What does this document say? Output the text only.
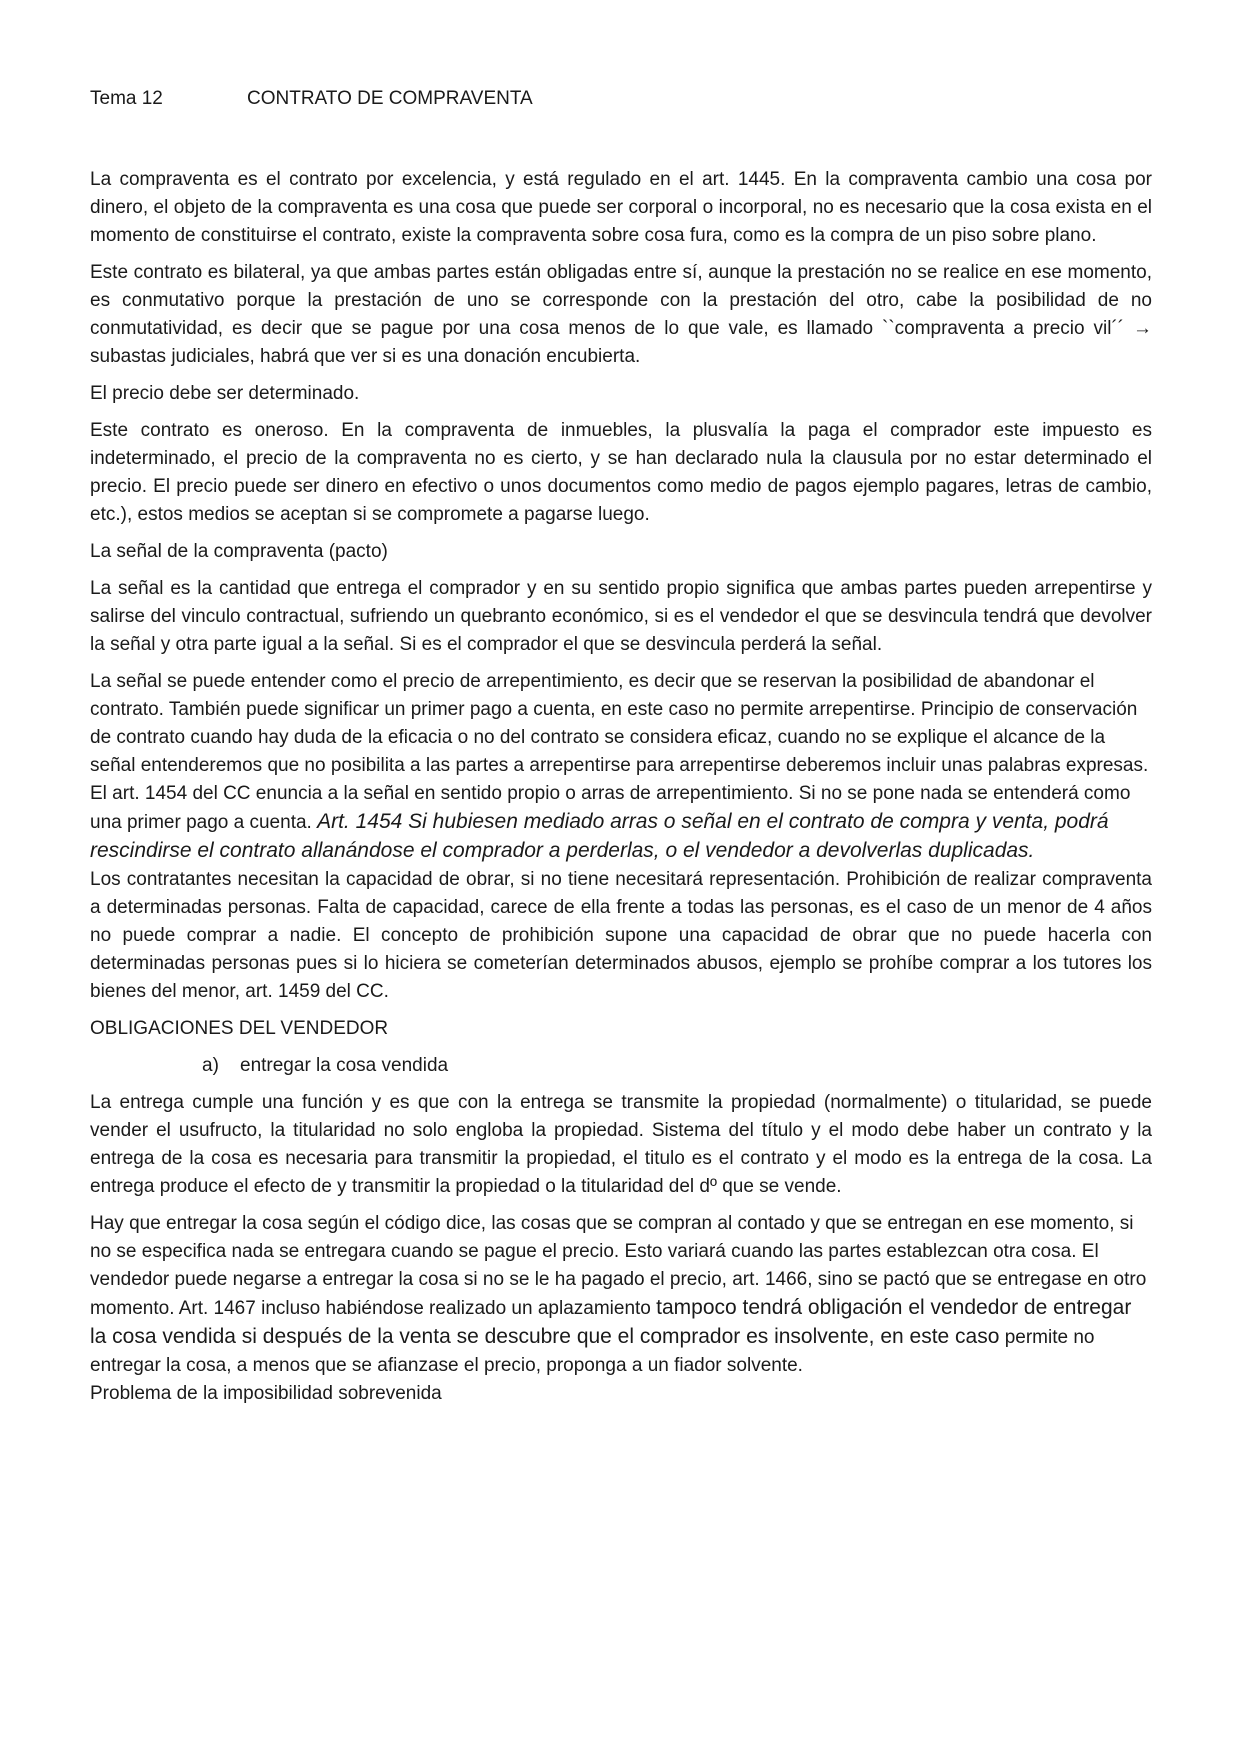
Tema 12	CONTRATO DE COMPRAVENTA

La compraventa es el contrato por excelencia, y está regulado en el art. 1445. En la compraventa cambio una cosa por dinero, el objeto de la compraventa es una cosa que puede ser corporal o incorporal, no es necesario que la cosa exista en el momento de constituirse el contrato, existe la compraventa sobre cosa fura, como es la compra de un piso sobre plano.

Este contrato es bilateral, ya que ambas partes están obligadas entre sí, aunque la prestación no se realice en ese momento, es conmutativo porque la prestación de uno se corresponde con la prestación del otro, cabe la posibilidad de no conmutatividad, es decir que se pague por una cosa menos de lo que vale, es llamado ``compraventa a precio vil´´ → subastas judiciales, habrá que ver si es una donación encubierta.

El precio debe ser determinado.

Este contrato es oneroso. En la compraventa de inmuebles, la plusvalía la paga el comprador este impuesto es indeterminado, el precio de la compraventa no es cierto, y se han declarado nula la clausula por no estar determinado el precio. El precio puede ser dinero en efectivo o unos documentos como medio de pagos ejemplo pagares, letras de cambio, etc.), estos medios se aceptan si se compromete a pagarse luego.

La señal de la compraventa (pacto)

La señal es la cantidad que entrega el comprador y en su sentido propio significa que ambas partes pueden arrepentirse y salirse del vinculo contractual, sufriendo un quebranto económico, si es el vendedor el que se desvincula tendrá que devolver la señal y otra parte igual a la señal. Si es el comprador el que se desvincula perderá la señal.

La señal se puede entender como el precio de arrepentimiento, es decir que se reservan la posibilidad de abandonar el contrato. También puede significar un primer pago a cuenta, en este caso no permite arrepentirse. Principio de conservación de contrato cuando hay duda de la eficacia o no del contrato se considera eficaz, cuando no se explique el alcance de la señal entenderemos que no posibilita a las partes a arrepentirse para arrepentirse deberemos incluir unas palabras expresas. El art. 1454 del CC enuncia a la señal en sentido propio o arras de arrepentimiento. Si no se pone nada se entenderá como una primer pago a cuenta. Art. 1454 Si hubiesen mediado arras o señal en el contrato de compra y venta, podrá rescindirse el contrato allanándose el comprador a perderlas, o el vendedor a devolverlas duplicadas.

Los contratantes necesitan la capacidad de obrar, si no tiene necesitará representación. Prohibición de realizar compraventa a determinadas personas. Falta de capacidad, carece de ella frente a todas las personas, es el caso de un menor de 4 años no puede comprar a nadie. El concepto de prohibición supone una capacidad de obrar que no puede hacerla con determinadas personas pues si lo hiciera se cometerían determinados abusos, ejemplo se prohíbe comprar a los tutores los bienes del menor, art. 1459 del CC.

OBLIGACIONES DEL VENDEDOR

a) entregar la cosa vendida

La entrega cumple una función y es que con la entrega se transmite la propiedad (normalmente) o titularidad, se puede vender el usufructo, la titularidad no solo engloba la propiedad. Sistema del título y el modo debe haber un contrato y la entrega de la cosa es necesaria para transmitir la propiedad, el titulo es el contrato y el modo es la entrega de la cosa. La entrega produce el efecto de y transmitir la propiedad o la titularidad del dº que se vende.

Hay que entregar la cosa según el código dice, las cosas que se compran al contado y que se entregan en ese momento, si no se especifica nada se entregara cuando se pague el precio. Esto variará cuando las partes establezcan otra cosa. El vendedor puede negarse a entregar la cosa si no se le ha pagado el precio, art. 1466, sino se pactó que se entregase en otro momento. Art. 1467 incluso habiéndose realizado un aplazamiento tampoco tendrá obligación el vendedor de entregar la cosa vendida si después de la venta se descubre que el comprador es insolvente, en este caso permite no entregar la cosa, a menos que se afianzase el precio, proponga a un fiador solvente.

Problema de la imposibilidad sobrevenida
